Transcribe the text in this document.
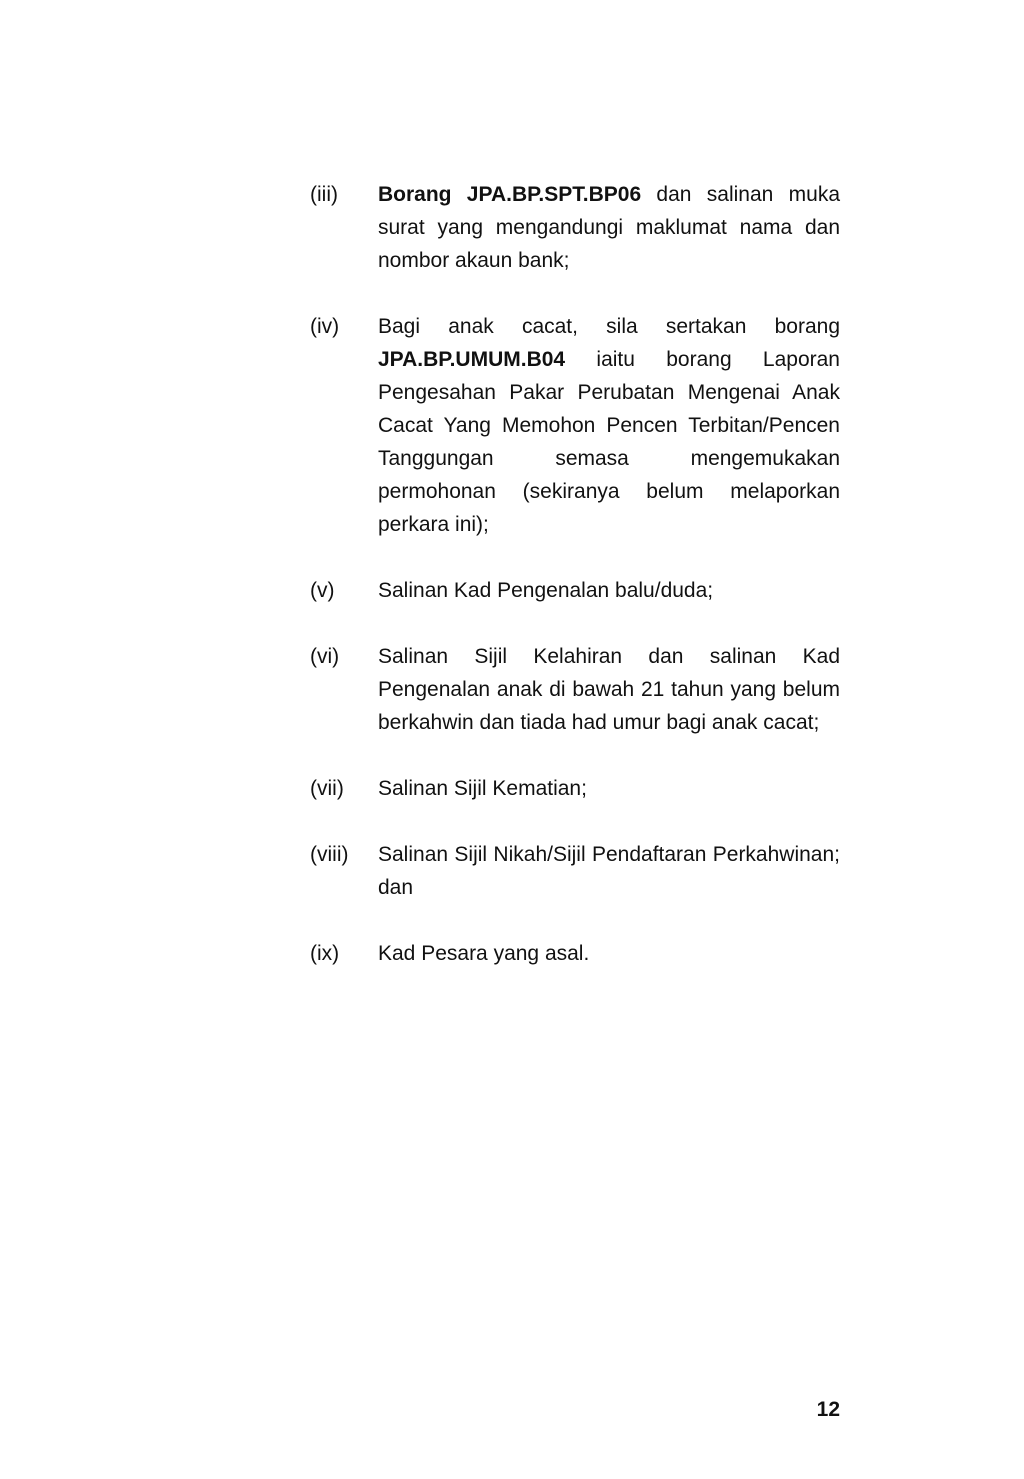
(iii)	Borang JPA.BP.SPT.BP06 dan salinan muka surat yang mengandungi maklumat nama dan nombor akaun bank;
(iv)	Bagi anak cacat, sila sertakan borang JPA.BP.UMUM.B04 iaitu borang Laporan Pengesahan Pakar Perubatan Mengenai Anak Cacat Yang Memohon Pencen Terbitan/Pencen Tanggungan semasa mengemukakan permohonan (sekiranya belum melaporkan perkara ini);
(v)	Salinan Kad Pengenalan balu/duda;
(vi)	Salinan Sijil Kelahiran dan salinan Kad Pengenalan anak di bawah 21 tahun yang belum berkahwin dan tiada had umur bagi anak cacat;
(vii)	Salinan Sijil Kematian;
(viii)	Salinan Sijil Nikah/Sijil Pendaftaran Perkahwinan; dan
(ix)	Kad Pesara yang asal.
12
